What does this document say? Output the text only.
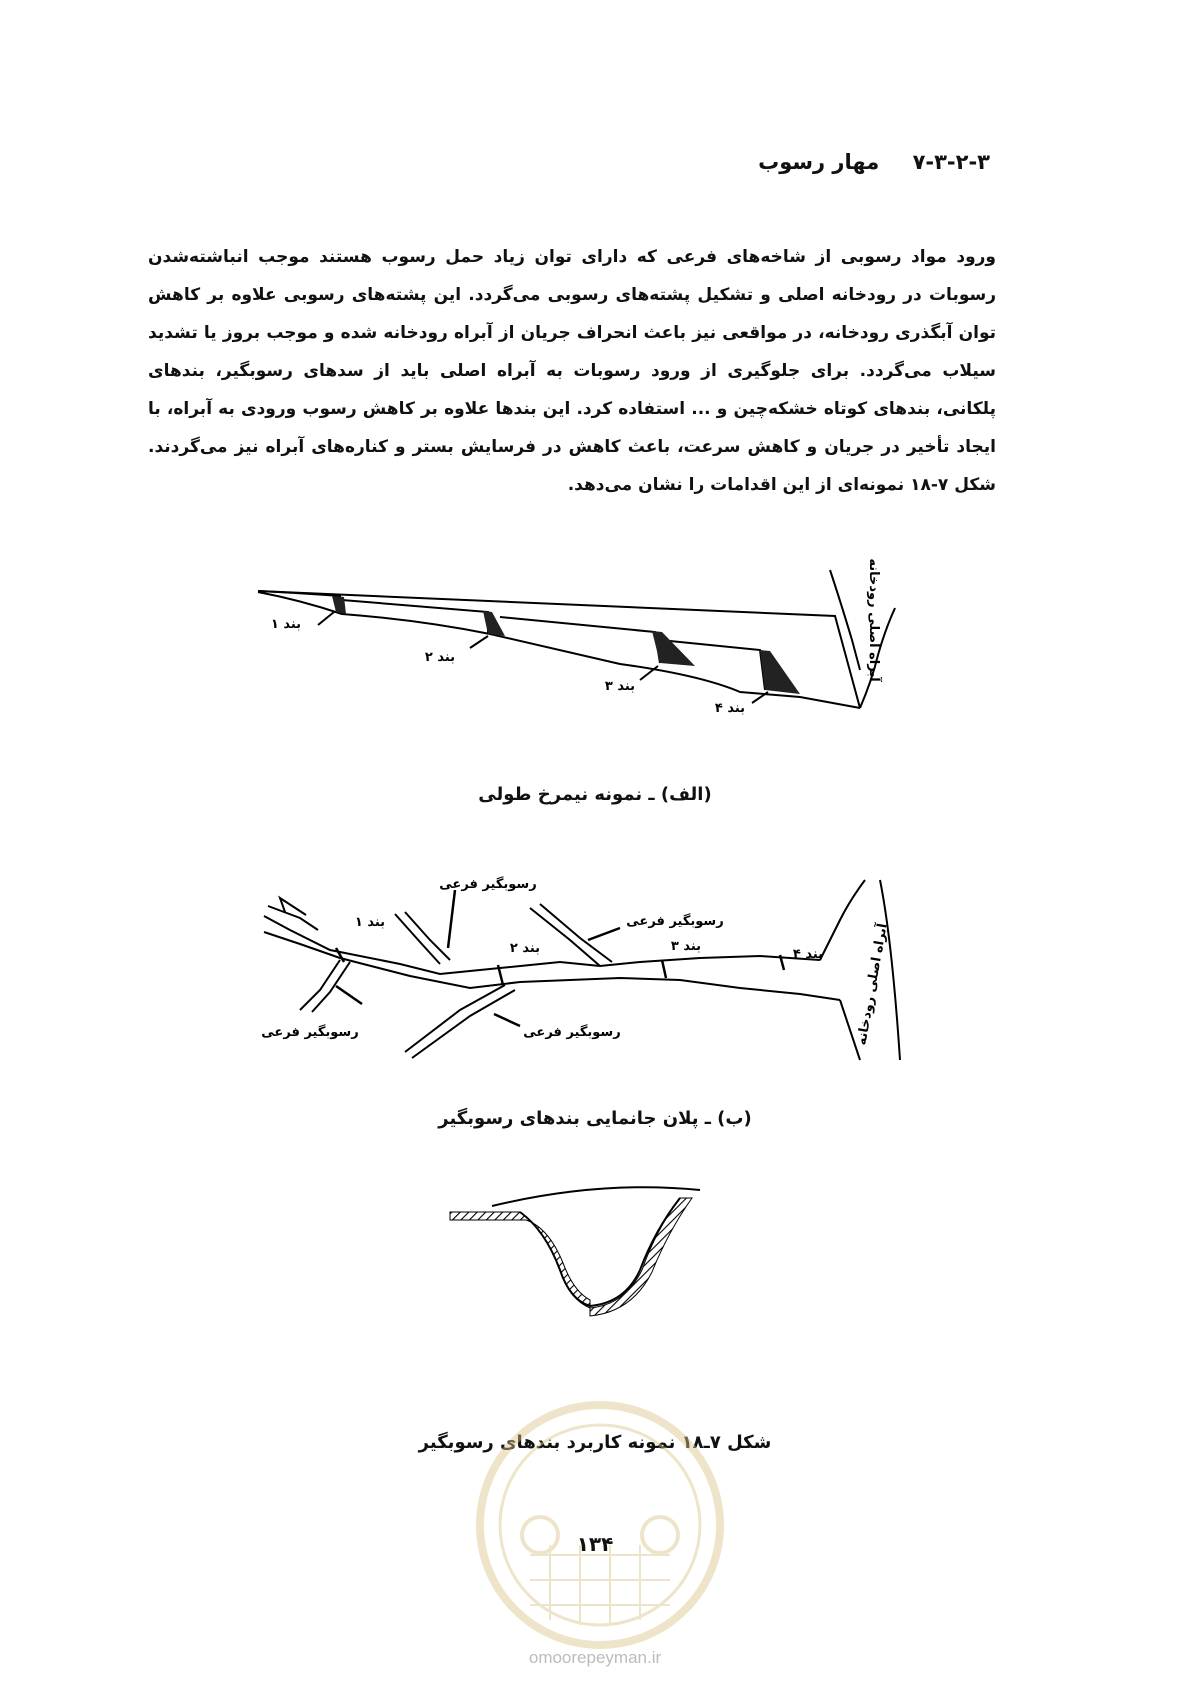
۷-۳-۲-۳ مهار رسوب

ورود مواد رسوبی از شاخه‌های فرعی که دارای توان زیاد حمل رسوب هستند موجب انباشته‌شدن رسوبات در رودخانه اصلی و تشکیل پشته‌های رسوبی می‌گردد. این پشته‌های رسوبی علاوه بر کاهش توان آبگذری رودخانه، در مواقعی نیز باعث انحراف جریان از آبراه رودخانه شده و موجب بروز یا تشدید سیلاب می‌گردد. برای جلوگیری از ورود رسوبات به آبراه اصلی باید از سدهای رسوبگیر، بندهای پلکانی، بندهای کوتاه خشکه‌چین و ... استفاده کرد. این بندها علاوه بر کاهش رسوب ورودی به آبراه، با ایجاد تأخیر در جریان و کاهش سرعت، باعث کاهش در فرسایش بستر و کناره‌های آبراه نیز می‌گردند. شکل ۷-۱۸ نمونه‌ای از این اقدامات را نشان می‌دهد.

بند ۱
بند ۲
بند ۳
بند ۴
آبراه اصلی رودخانه
(الف) ـ نمونه نیمرخ طولی
بند ۱
بند ۲	بند ۳
بند ۴
رسوبگیر فرعی
رسوبگیر فرعی
رسوبگیر فرعی	رسوبگیر فرعی	آبراه اصلی رودخانه
(ب) ـ پلان جانمایی بندهای رسوبگیر
شکل ۷ـ۱۸ نمونه کاربرد بندهای رسوبگیر
۱۳۴
omoorepeyman.ir
